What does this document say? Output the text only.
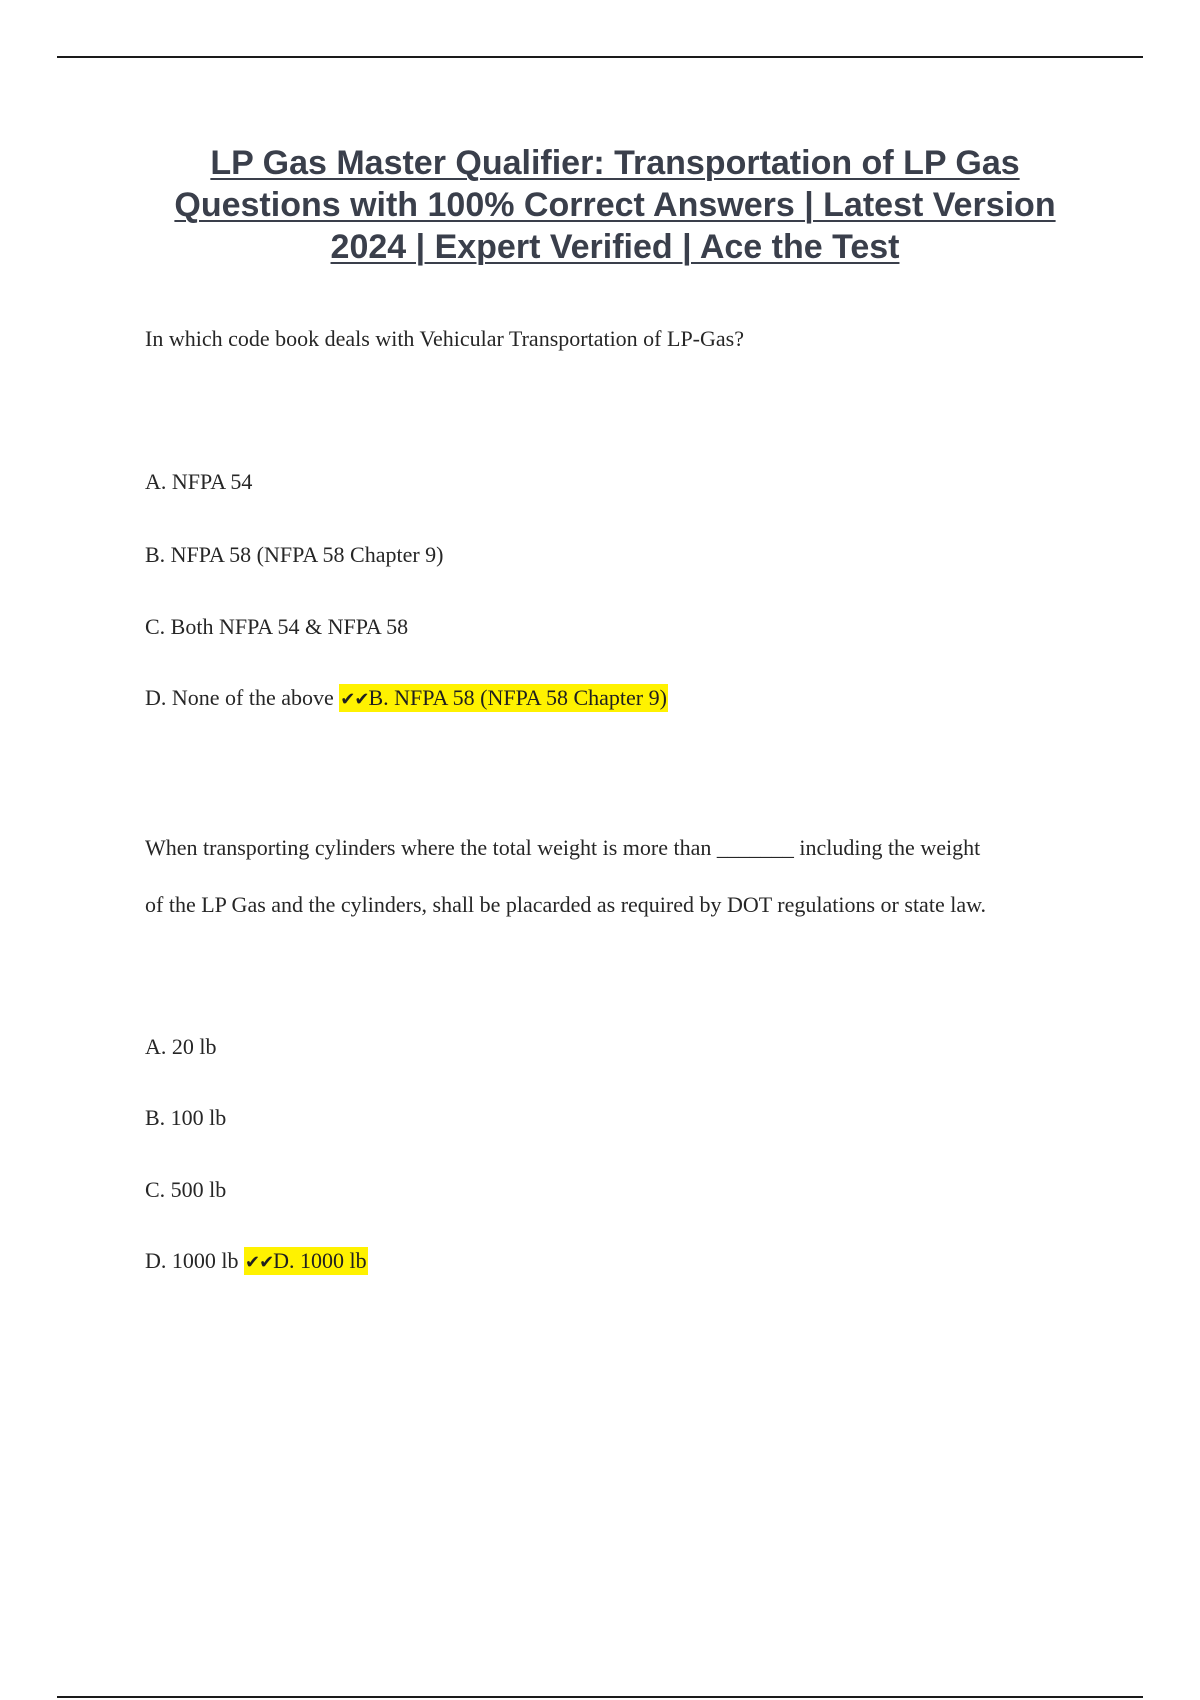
LP Gas Master Qualifier: Transportation of LP Gas Questions with 100% Correct Answers | Latest Version 2024 | Expert Verified | Ace the Test
In which code book deals with Vehicular Transportation of LP-Gas?
A. NFPA 54
B. NFPA 58 (NFPA 58 Chapter 9)
C. Both NFPA 54 & NFPA 58
D. None of the above ✔✔B. NFPA 58 (NFPA 58 Chapter 9)
When transporting cylinders where the total weight is more than _______ including the weight
of the LP Gas and the cylinders, shall be placarded as required by DOT regulations or state law.
A. 20 lb
B. 100 lb
C. 500 lb
D. 1000 lb ✔✔D. 1000 lb
